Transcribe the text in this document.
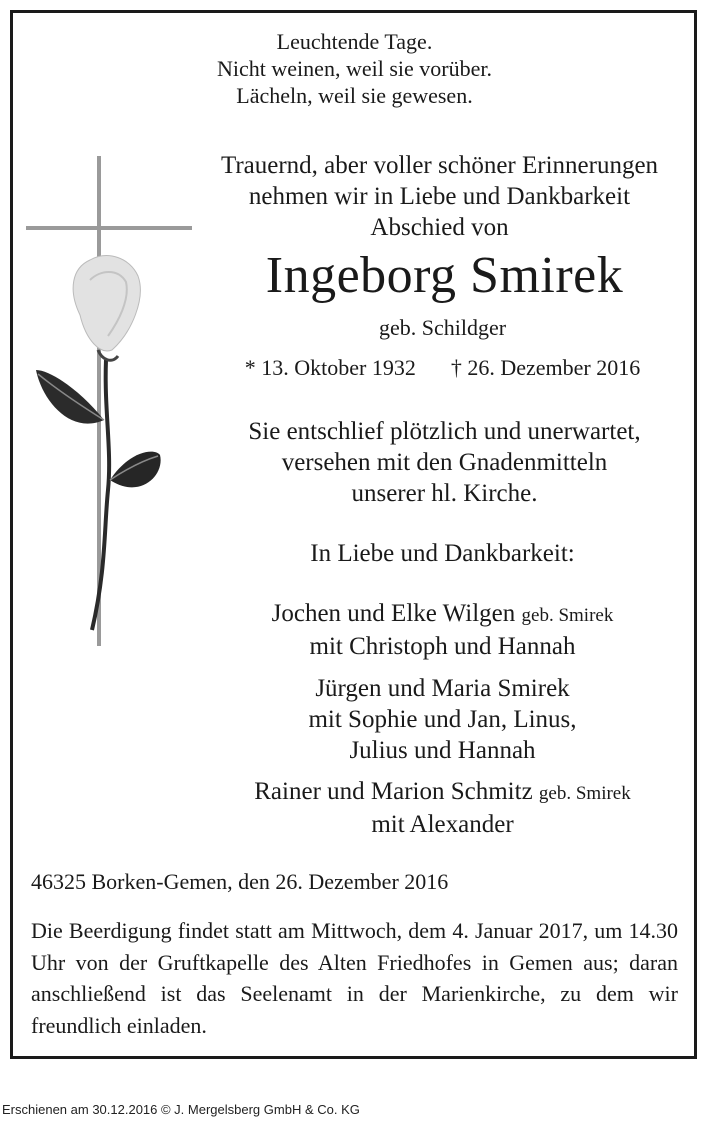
Leuchtende Tage.
Nicht weinen, weil sie vorüber.
Lächeln, weil sie gewesen.
Trauernd, aber voller schöner Erinnerungen
nehmen wir in Liebe und Dankbarkeit
Abschied von
Ingeborg Smirek
geb. Schildger
* 13. Oktober 1932 † 26. Dezember 2016
Sie entschlief plötzlich und unerwartet,
versehen mit den Gnadenmitteln
unserer hl. Kirche.
In Liebe und Dankbarkeit:
Jochen und Elke Wilgen geb. Smirek
mit Christoph und Hannah
Jürgen und Maria Smirek
mit Sophie und Jan, Linus,
Julius und Hannah
Rainer und Marion Schmitz geb. Smirek
mit Alexander
46325 Borken-Gemen, den 26. Dezember 2016
Die Beerdigung findet statt am Mittwoch, dem 4. Januar 2017, um 14.30 Uhr von der Gruftkapelle des Alten Friedhofes in Gemen aus; daran anschließend ist das Seelenamt in der Marienkirche, zu dem wir freundlich einladen.
Erschienen am 30.12.2016 © J. Mergelsberg GmbH & Co. KG
